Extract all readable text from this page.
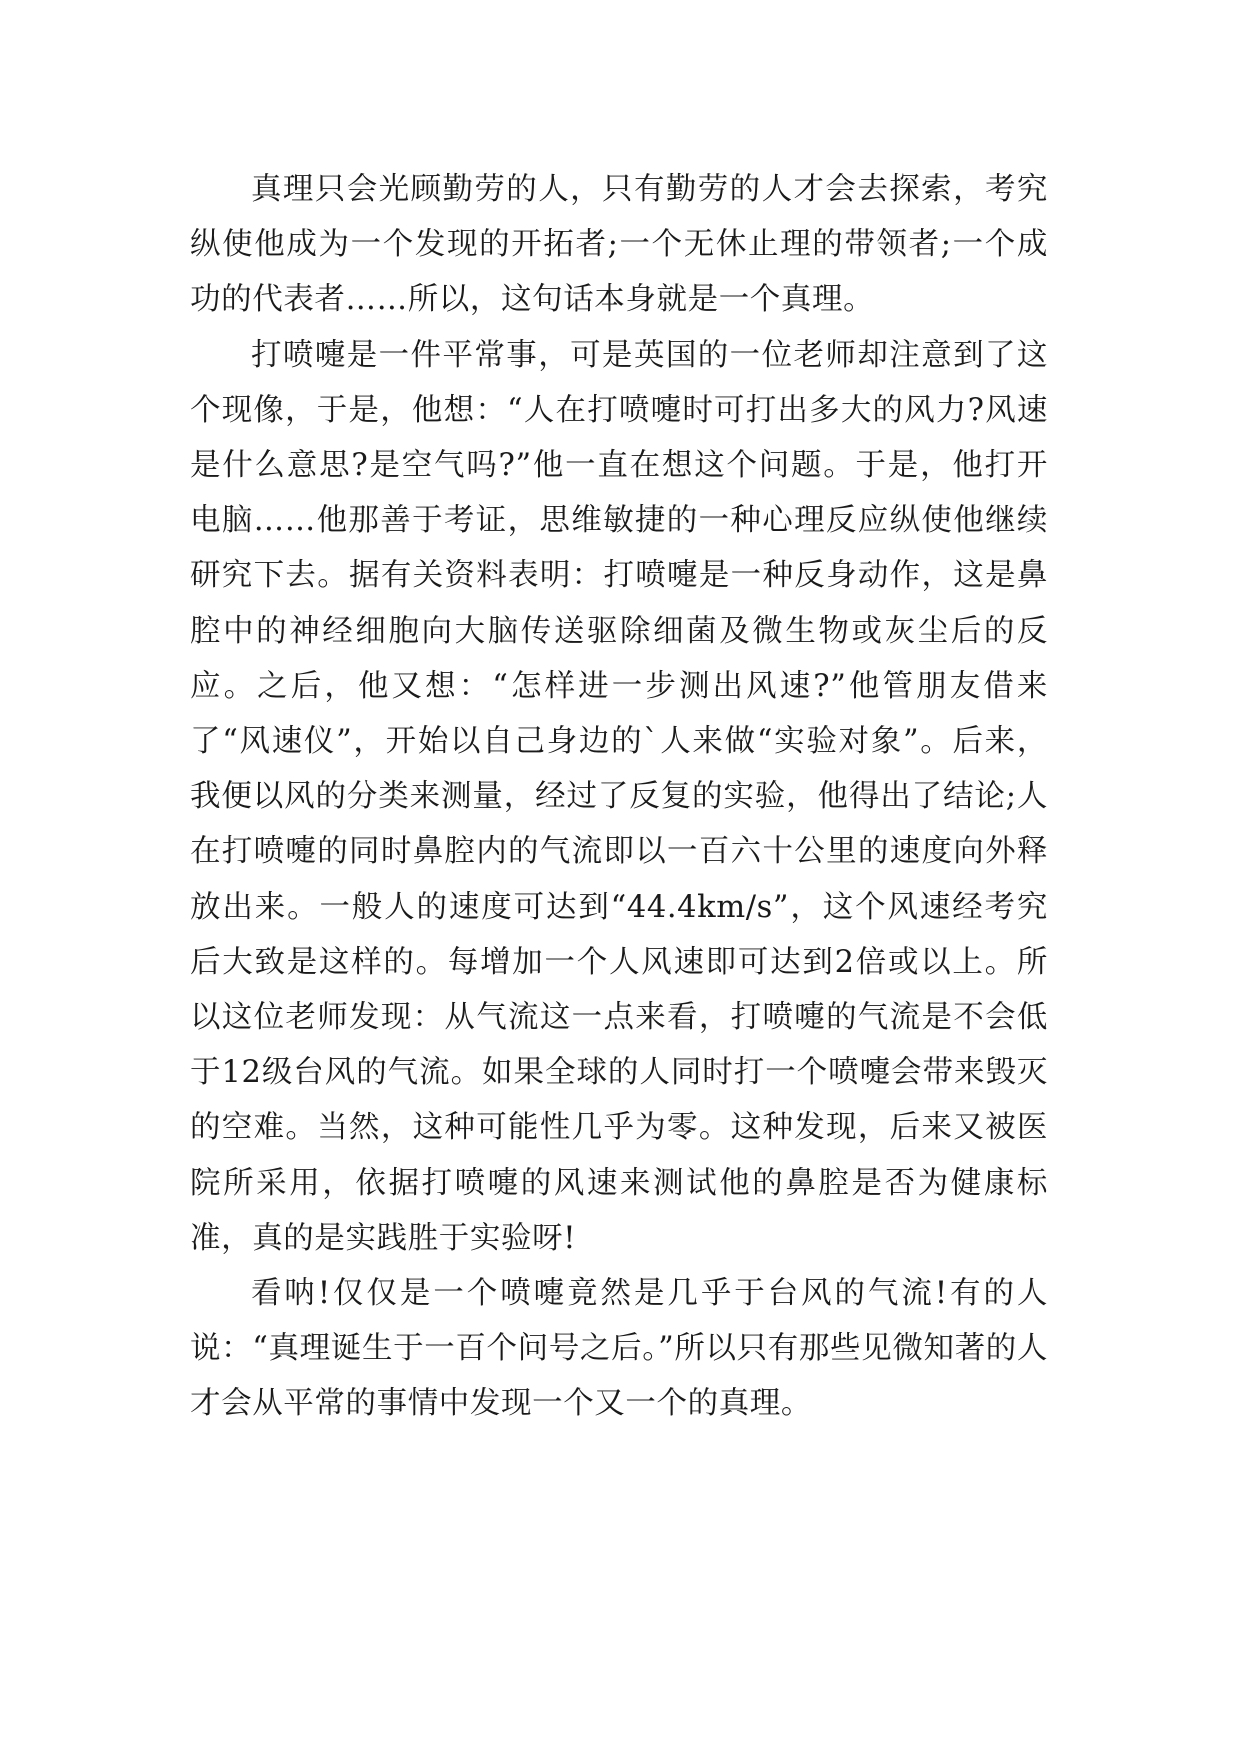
真理只会光顾勤劳的人，只有勤劳的人才会去探索，考究纵使他成为一个发现的开拓者;一个无休止理的带领者;一个成功的代表者……所以，这句话本身就是一个真理。

打喷嚏是一件平常事，可是英国的一位老师却注意到了这个现像，于是，他想：“人在打喷嚏时可打出多大的风力?风速是什么意思?是空气吗?”他一直在想这个问题。于是，他打开电脑……他那善于考证，思维敏捷的一种心理反应纵使他继续研究下去。据有关资料表明：打喷嚏是一种反身动作，这是鼻腔中的神经细胞向大脑传送驱除细菌及微生物或灰尘后的反应。之后，他又想：“怎样进一步测出风速?”他管朋友借来了“风速仪”，开始以自己身边的`人来做“实验对象”。后来，我便以风的分类来测量，经过了反复的实验，他得出了结论;人在打喷嚏的同时鼻腔内的气流即以一百六十公里的速度向外释放出来。一般人的速度可达到“44.4km/s”，这个风速经考究后大致是这样的。每增加一个人风速即可达到2倍或以上。所以这位老师发现：从气流这一点来看，打喷嚏的气流是不会低于12级台风的气流。如果全球的人同时打一个喷嚏会带来毁灭的空难。当然，这种可能性几乎为零。这种发现，后来又被医院所采用，依据打喷嚏的风速来测试他的鼻腔是否为健康标准，真的是实践胜于实验呀!

看呐!仅仅是一个喷嚏竟然是几乎于台风的气流!有的人说：“真理诞生于一百个问号之后。”所以只有那些见微知著的人才会从平常的事情中发现一个又一个的真理。
